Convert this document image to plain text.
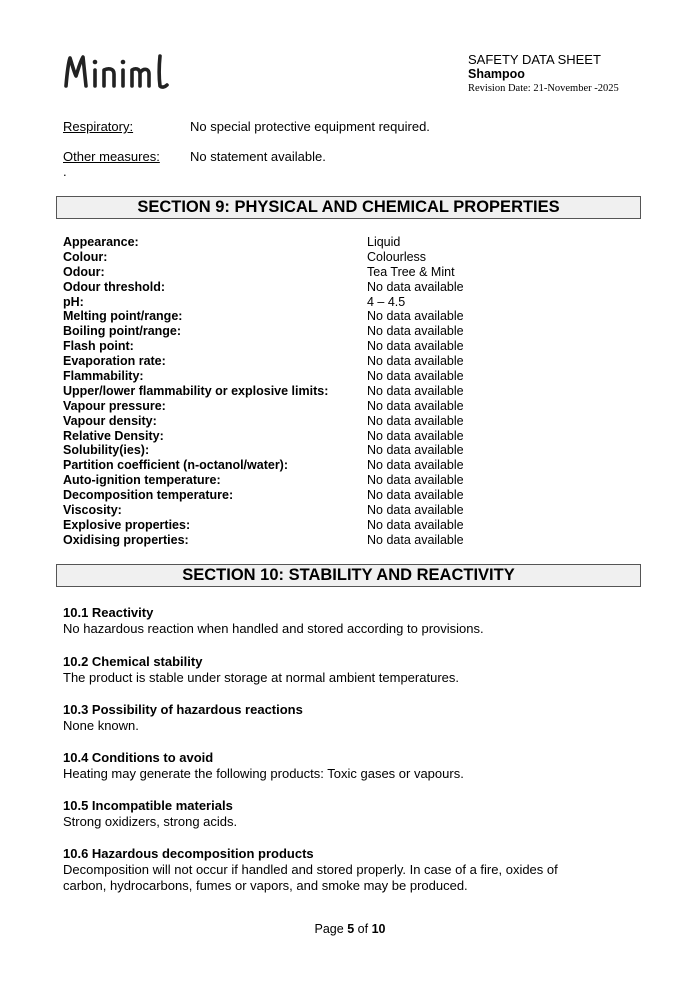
SAFETY DATA SHEET
Shampoo
Revision Date: 21-November -2025
Respiratory:	No special protective equipment required.
Other measures: No statement available.
.
SECTION 9: PHYSICAL AND CHEMICAL PROPERTIES
Appearance:	Liquid
Colour:	Colourless
Odour:	Tea Tree & Mint
Odour threshold:	No data available
pH:	4 – 4.5
Melting point/range:	No data available
Boiling point/range:	No data available
Flash point:	No data available
Evaporation rate:	No data available
Flammability:	No data available
Upper/lower flammability or explosive limits:	No data available
Vapour pressure:	No data available
Vapour density:	No data available
Relative Density:	No data available
Solubility(ies):	No data available
Partition coefficient (n-octanol/water):	No data available
Auto-ignition temperature:	No data available
Decomposition temperature:	No data available
Viscosity:	No data available
Explosive properties:	No data available
Oxidising properties:	No data available
SECTION 10: STABILITY AND REACTIVITY
10.1 Reactivity
No hazardous reaction when handled and stored according to provisions.
10.2 Chemical stability
The product is stable under storage at normal ambient temperatures.
10.3 Possibility of hazardous reactions
None known.
10.4 Conditions to avoid
Heating may generate the following products: Toxic gases or vapours.
10.5 Incompatible materials
Strong oxidizers, strong acids.
10.6 Hazardous decomposition products
Decomposition will not occur if handled and stored properly. In case of a fire, oxides of carbon, hydrocarbons, fumes or vapors, and smoke may be produced.
Page 5 of 10
